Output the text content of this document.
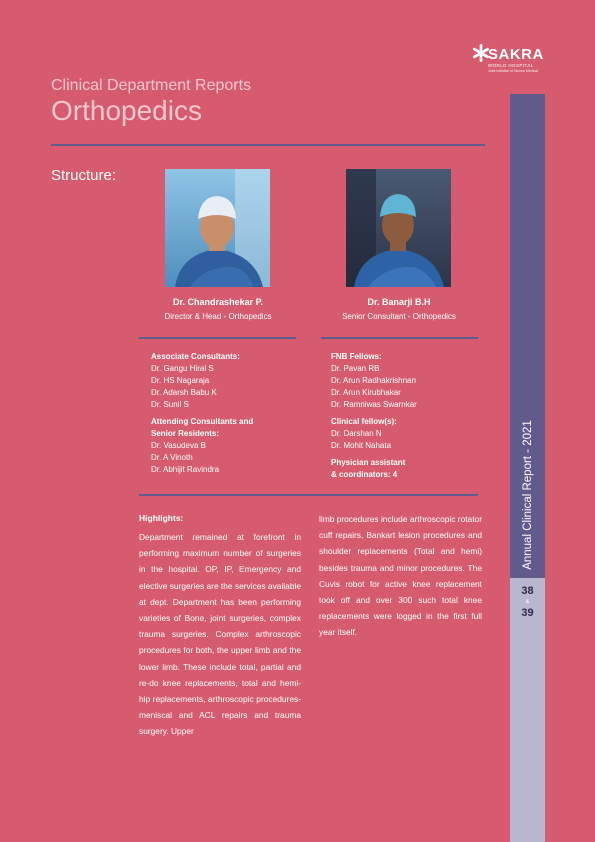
SAKRA
WORLD HOSPITAL
Joint Initiative of Secom Medical
Clinical Department Reports
Orthopedics
Structure:
Dr. Chandrashekar P.
Director & Head - Orthopedics
Dr. Banarji B.H
Senior Consultant - Orthopedics
Associate Consultants:
Dr. Gangu Hiral S
Dr. HS Nagaraja
Dr. Adarsh Babu K
Dr. Sunil S
Attending Consultants and
Senior Residents:
Dr. Vasudeva B
Dr. A Vinoth
Dr. Abhijit Ravindra
FNB Fellows:
Dr. Pavan RB
Dr. Arun Radhakrishnan
Dr. Arun Kirubhakar
Dr. Ramniwas Swarnkar
Clinical fellow(s):
Dr. Darshan N
Dr. Mohit Nahata
Physician assistant
& coordinators: 4
Highlights:
Department remained at forefront in performing maximum number of surgeries in the hospital. OP, IP, Emergency and elective surgeries are the services available at dept. Department has been performing varieties of Bone, joint surgeries, complex trauma surgeries. Complex arthroscopic procedures for both, the upper limb and the lower limb. These include total, partial and re-do knee replacements, total and hemi-hip replacements, arthroscopic procedures- meniscal and ACL repairs and trauma surgery. Upper
limb procedures include arthroscopic rotator cuff repairs, Bankart lesion procedures and shoulder replacements (Total and hemi) besides trauma and minor procedures. The Cuvis robot for active knee replacement took off and over 300 such total knee replacements were logged in the first full year itself.
Annual Clinical Report - 2021
38
&
39
